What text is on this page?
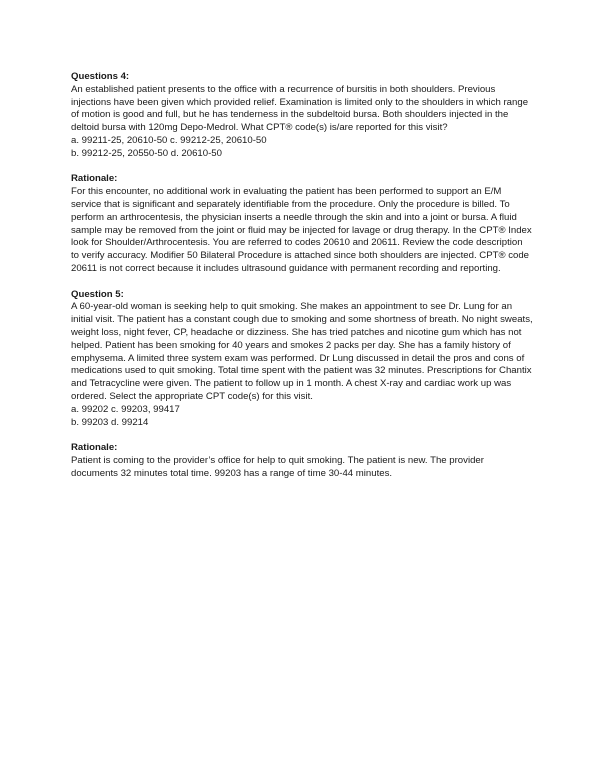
Questions 4:

An established patient presents to the office with a recurrence of bursitis in both shoulders. Previous injections have been given which provided relief. Examination is limited only to the shoulders in which range of motion is good and full, but he has tenderness in the subdeltoid bursa. Both shoulders injected in the deltoid bursa with 120mg Depo-Medrol. What CPT® code(s) is/are reported for this visit?

a. 99211-25, 20610-50 c. 99212-25, 20610-50

b. 99212-25, 20550-50 d. 20610-50

Rationale:

For this encounter, no additional work in evaluating the patient has been performed to support an E/M service that is significant and separately identifiable from the procedure. Only the procedure is billed. To perform an arthrocentesis, the physician inserts a needle through the skin and into a joint or bursa. A fluid sample may be removed from the joint or fluid may be injected for lavage or drug therapy. In the CPT® Index look for Shoulder/Arthrocentesis. You are referred to codes 20610 and 20611. Review the code description to verify accuracy. Modifier 50 Bilateral Procedure is attached since both shoulders are injected. CPT® code 20611 is not correct because it includes ultrasound guidance with permanent recording and reporting.

Question 5:

A 60-year-old woman is seeking help to quit smoking. She makes an appointment to see Dr. Lung for an initial visit. The patient has a constant cough due to smoking and some shortness of breath. No night sweats, weight loss, night fever, CP, headache or dizziness. She has tried patches and nicotine gum which has not helped. Patient has been smoking for 40 years and smokes 2 packs per day. She has a family history of emphysema. A limited three system exam was performed. Dr Lung discussed in detail the pros and cons of medications used to quit smoking. Total time spent with the patient was 32 minutes. Prescriptions for Chantix and Tetracycline were given. The patient to follow up in 1 month. A chest X-ray and cardiac work up was ordered. Select the appropriate CPT code(s) for this visit.

a. 99202 c. 99203, 99417

b. 99203 d. 99214

Rationale:

Patient is coming to the provider’s office for help to quit smoking. The patient is new. The provider documents 32 minutes total time. 99203 has a range of time 30-44 minutes.
